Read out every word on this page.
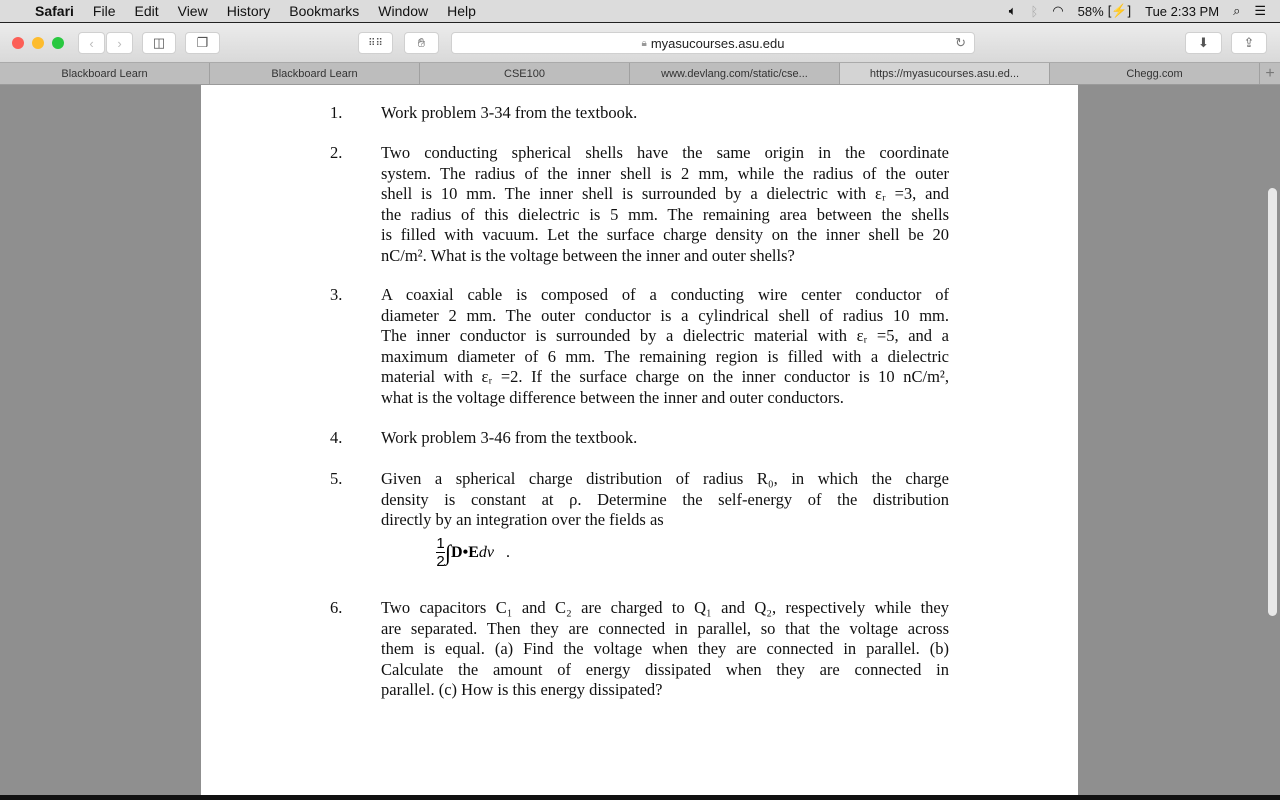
Safari File Edit View History Bookmarks Window Help	🔈︎ ᛒ ◠ 58% [⚡] Tue 2:33 PM ⌕ ☰
‹ › ◫ ❐	⠿⠿	✋︎	🔒︎ myasucourses.asu.edu	↻	⬇	⇪
Blackboard Learn	Blackboard Learn	CSE100	www.devlang.com/static/cse...	https://myasucourses.asu.ed...	Chegg.com	+
1. Work problem 3-34 from the textbook.
2. Two conducting spherical shells have the same origin in the coordinate
system. The radius of the inner shell is 2 mm, while the radius of the outer
shell is 10 mm. The inner shell is surrounded by a dielectric with εᵣ =3, and
the radius of this dielectric is 5 mm. The remaining area between the shells
is filled with vacuum. Let the surface charge density on the inner shell be 20
nC/m². What is the voltage between the inner and outer shells?
3. A coaxial cable is composed of a conducting wire center conductor of
diameter 2 mm. The outer conductor is a cylindrical shell of radius 10 mm.
The inner conductor is surrounded by a dielectric material with εᵣ =5, and a
maximum diameter of 6 mm. The remaining region is filled with a dielectric
material with εᵣ =2. If the surface charge on the inner conductor is 10 nC/m²,
what is the voltage difference between the inner and outer conductors.
4. Work problem 3-46 from the textbook.
5. Given a spherical charge distribution of radius R₀, in which the charge
density is constant at ρ. Determine the self-energy of the distribution
directly by an integration over the fields as
6. Two capacitors C₁ and C₂ are charged to Q₁ and Q₂, respectively while they
are separated. Then they are connected in parallel, so that the voltage across
them is equal. (a) Find the voltage when they are connected in parallel. (b)
Calculate the amount of energy dissipated when they are connected in
parallel. (c) How is this energy dissipated?
$\frac{1}{2}$ ∫ D•E dv .
